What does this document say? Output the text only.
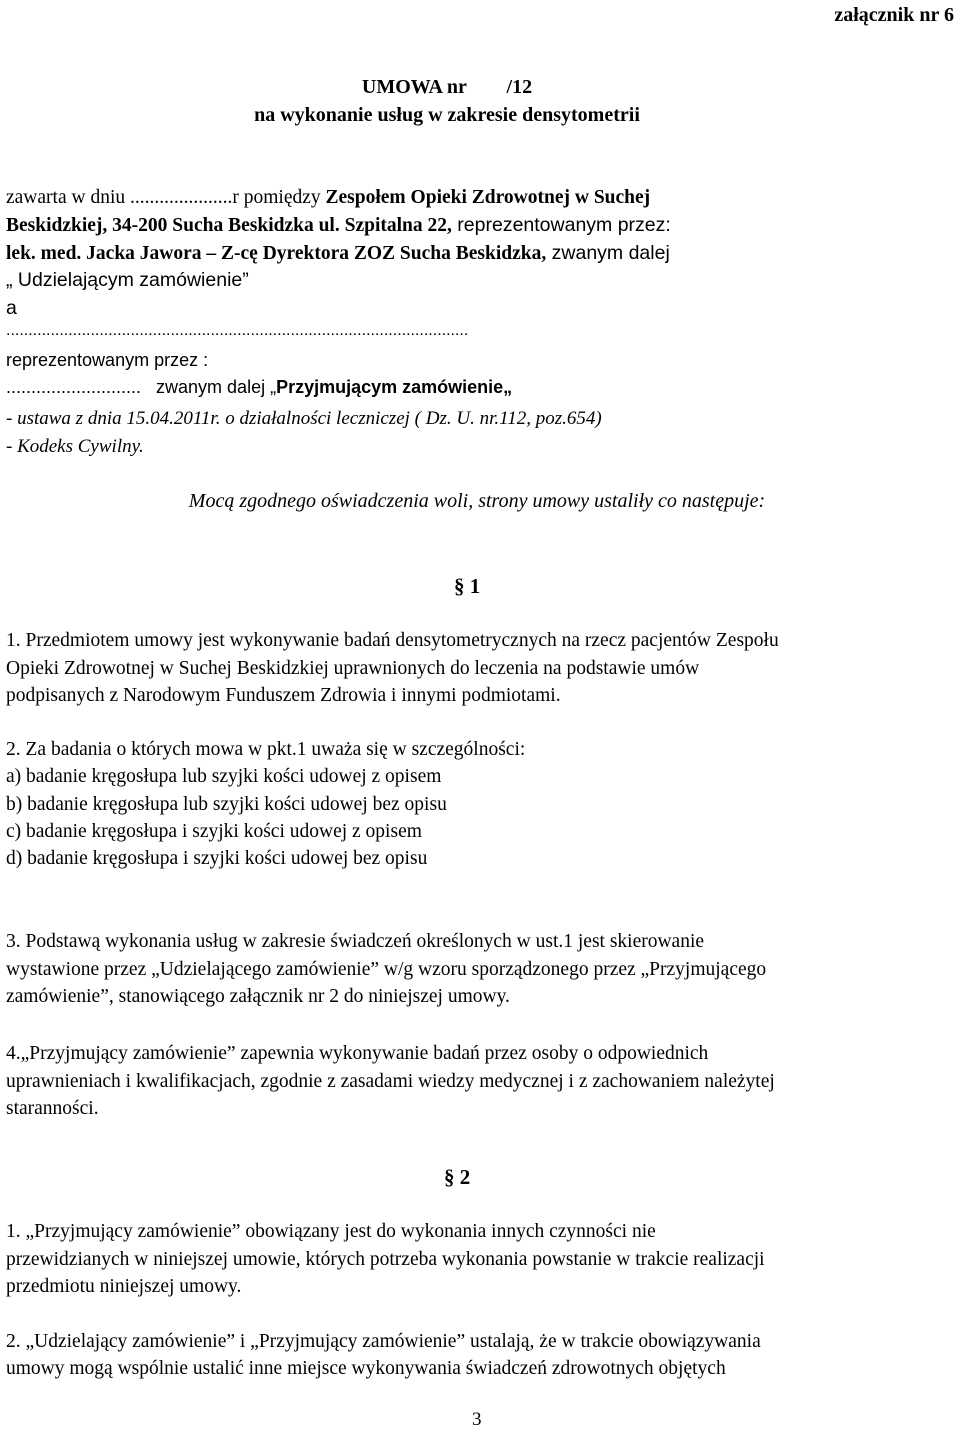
załącznik nr 6
UMOWA nr        /12
na wykonanie usług w zakresie densytometrii
zawarta w dniu .....................r pomiędzy Zespołem Opieki Zdrowotnej w Suchej
Beskidzkiej, 34-200 Sucha Beskidzka ul. Szpitalna 22, reprezentowanym przez:
lek. med. Jacka Jawora – Z-cę Dyrektora ZOZ Sucha Beskidzka, zwanym dalej
„ Udzielającym zamówienie”
a
........................................................................................................
reprezentowanym przez :
...........................   zwanym dalej „Przyjmującym zamówienie„
- ustawa z dnia 15.04.2011r. o działalności leczniczej ( Dz. U. nr.112, poz.654)
- Kodeks Cywilny.
Mocą zgodnego oświadczenia woli, strony umowy ustaliły co następuje:
§ 1
1. Przedmiotem umowy jest wykonywanie badań densytometrycznych na rzecz pacjentów Zespołu
Opieki Zdrowotnej w Suchej Beskidzkiej uprawnionych do leczenia na podstawie umów
podpisanych z Narodowym Funduszem Zdrowia i innymi podmiotami.
2. Za badania o których mowa w pkt.1 uważa się w szczególności:
a) badanie kręgosłupa lub szyjki kości udowej z opisem
b) badanie kręgosłupa lub szyjki kości udowej bez opisu
c) badanie kręgosłupa i szyjki kości udowej z opisem
d) badanie kręgosłupa i szyjki kości udowej bez opisu
3. Podstawą wykonania usług w zakresie świadczeń określonych w ust.1 jest skierowanie
wystawione przez „Udzielającego zamówienie” w/g wzoru sporządzonego przez „Przyjmującego
zamówienie”, stanowiącego załącznik nr 2 do niniejszej umowy.
4.„Przyjmujący zamówienie” zapewnia wykonywanie badań przez osoby o odpowiednich
uprawnieniach i kwalifikacjach, zgodnie z zasadami wiedzy medycznej i z zachowaniem należytej
staranności.
§ 2
1. „Przyjmujący zamówienie” obowiązany jest do wykonania innych czynności nie
przewidzianych w niniejszej umowie, których potrzeba wykonania powstanie w trakcie realizacji
przedmiotu niniejszej umowy.
2. „Udzielający zamówienie” i „Przyjmujący zamówienie” ustalają, że w trakcie obowiązywania
umowy mogą wspólnie ustalić inne miejsce wykonywania świadczeń zdrowotnych objętych
3
